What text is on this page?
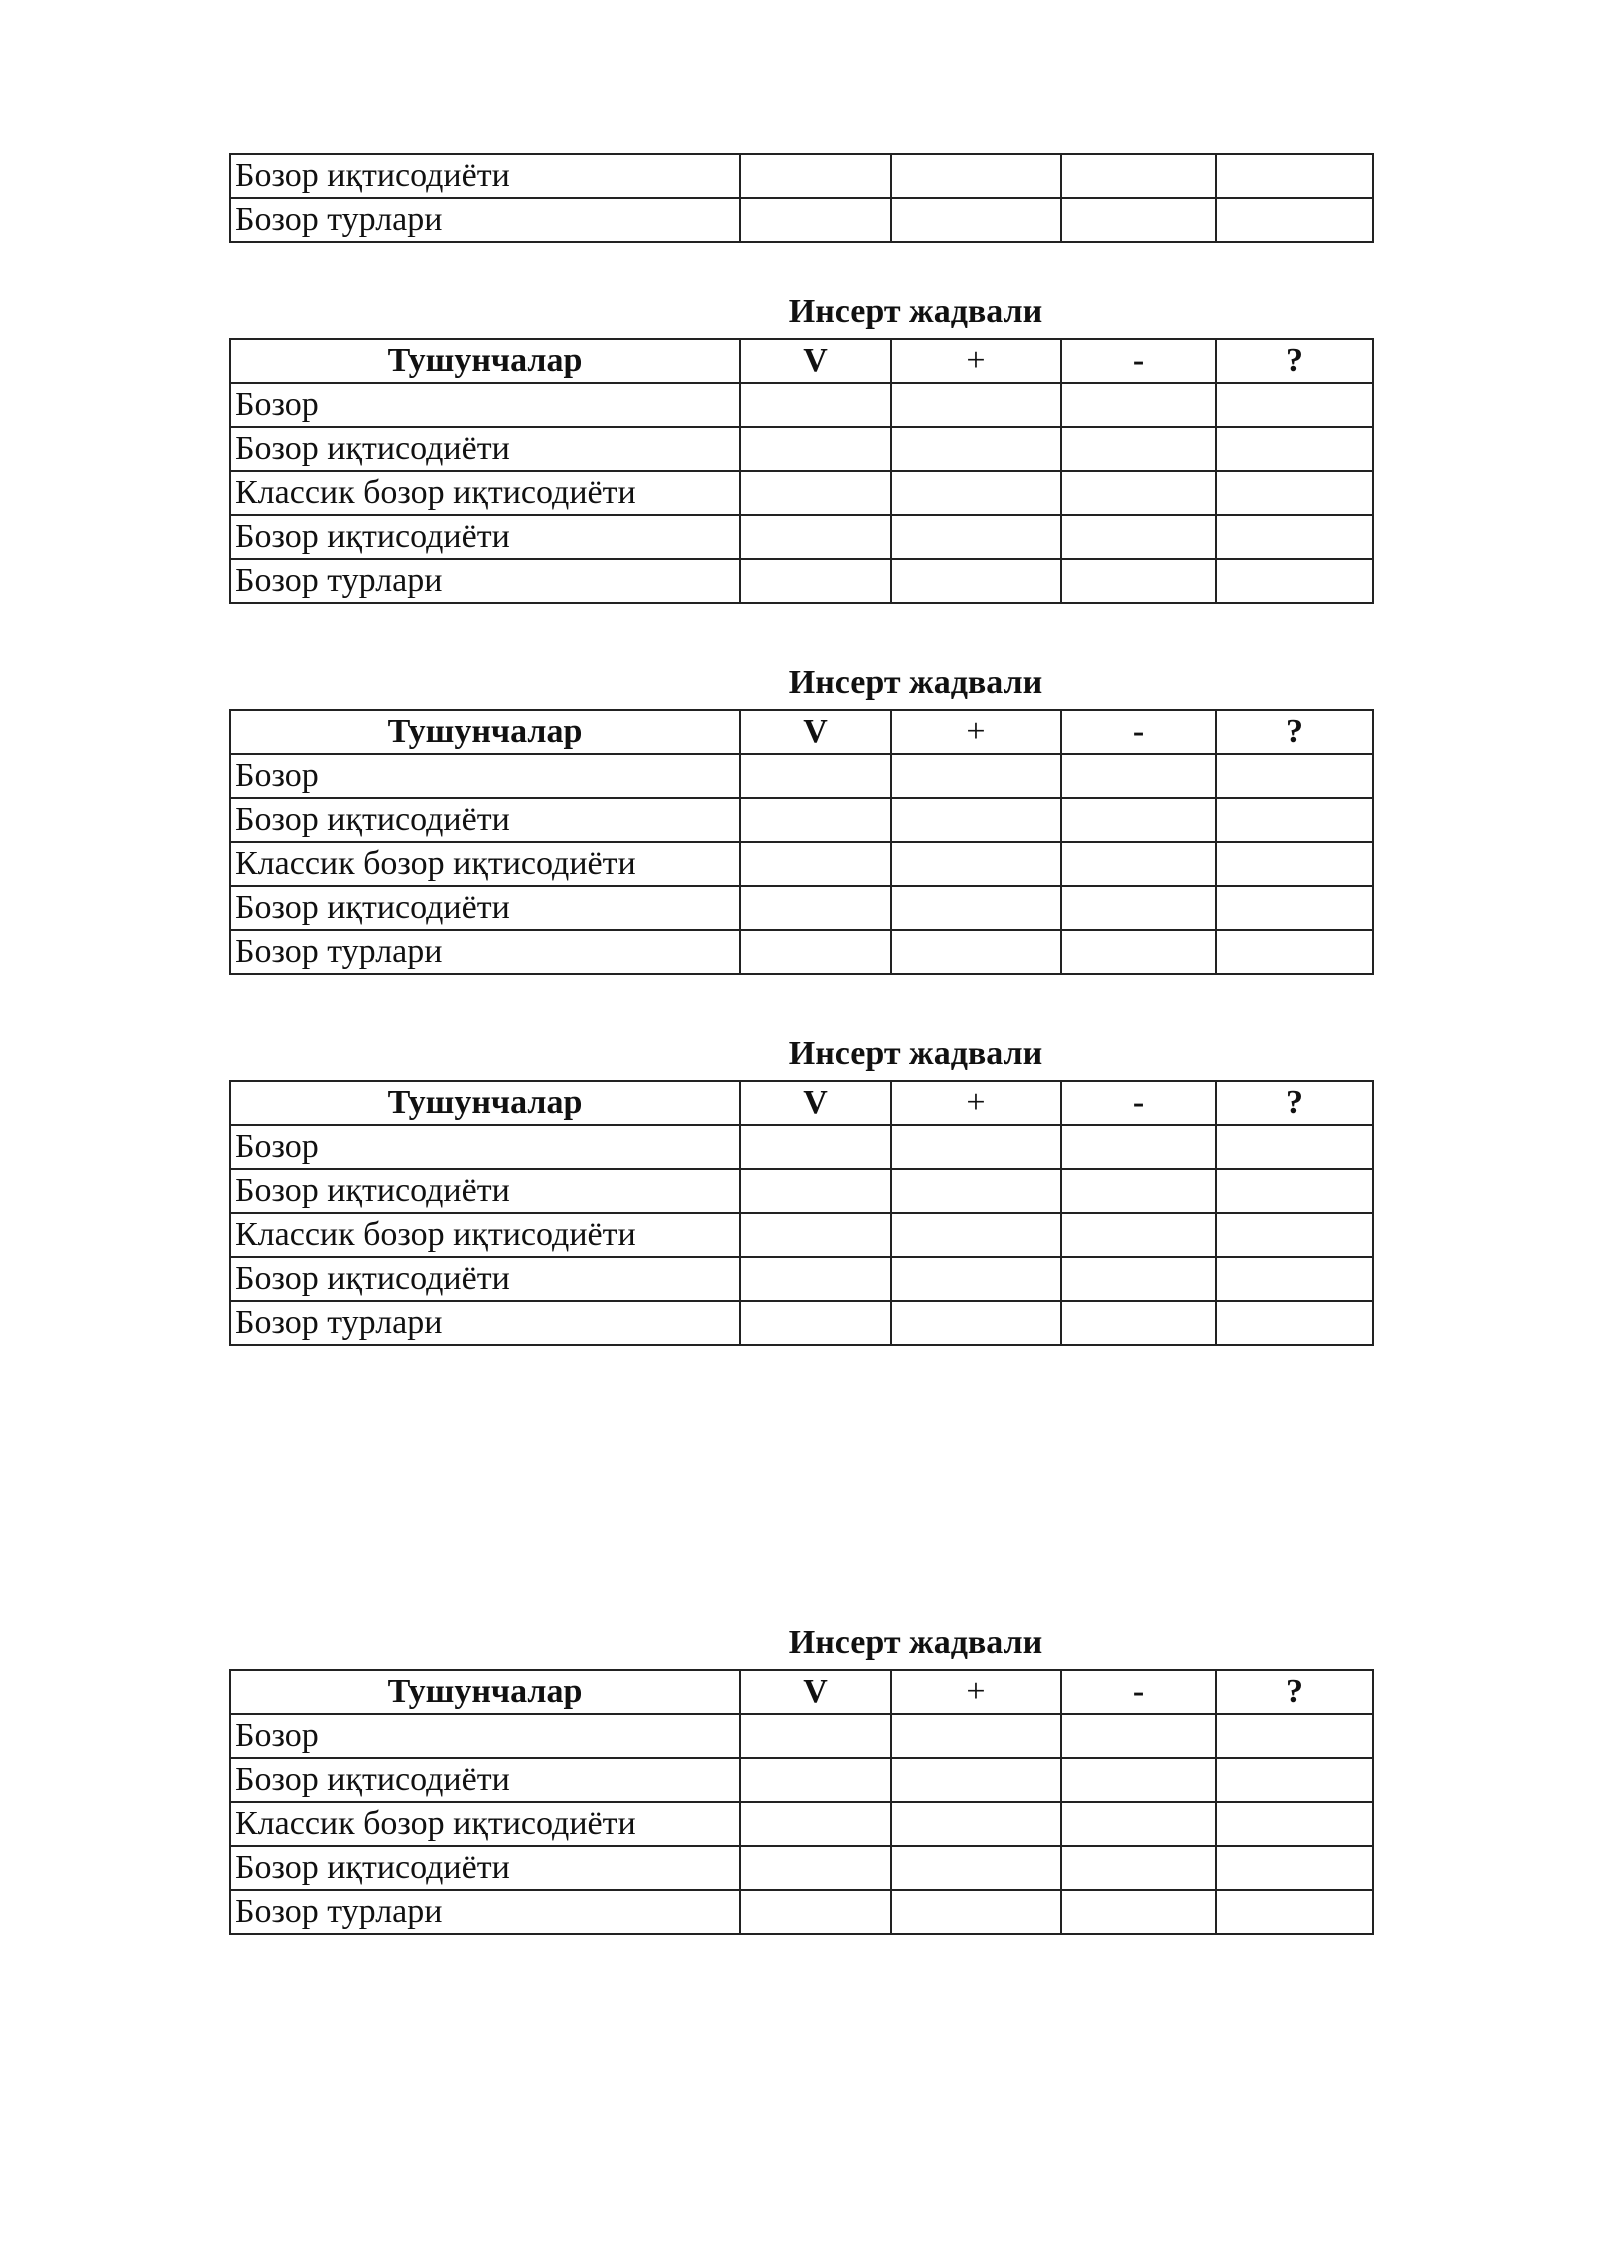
Бозор иқтисодиёти				
Бозор турлари				
Инсерт жадвали
Тушунчалар	V	+	-	?
Бозор				
Бозор иқтисодиёти				
Классик бозор иқтисодиёти				
Бозор иқтисодиёти				
Бозор турлари				
Инсерт жадвали
Тушунчалар	V	+	-	?
Бозор				
Бозор иқтисодиёти				
Классик бозор иқтисодиёти				
Бозор иқтисодиёти				
Бозор турлари				
Инсерт жадвали
Тушунчалар	V	+	-	?
Бозор				
Бозор иқтисодиёти				
Классик бозор иқтисодиёти				
Бозор иқтисодиёти				
Бозор турлари				
Инсерт жадвали
Тушунчалар	V	+	-	?
Бозор				
Бозор иқтисодиёти				
Классик бозор иқтисодиёти				
Бозор иқтисодиёти				
Бозор турлари				
